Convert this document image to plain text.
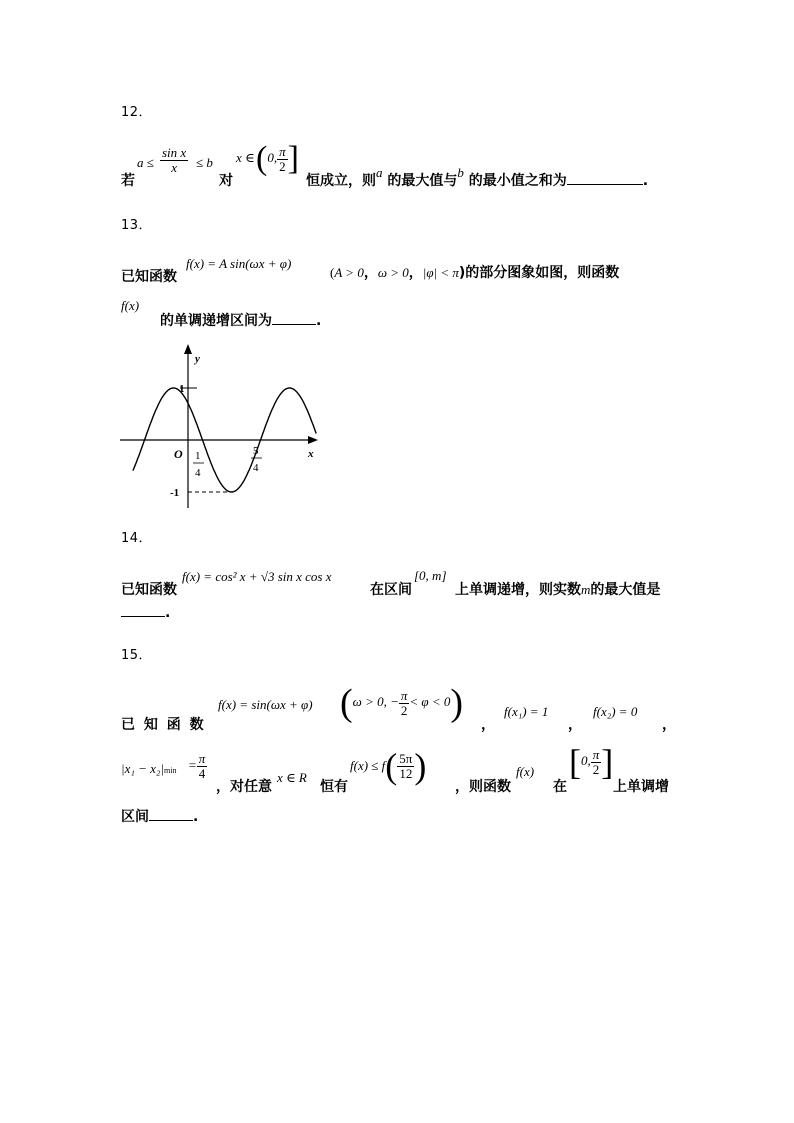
12．
若
$a \le \frac{\text{sin x}}{x} \le b$
对
x ∈ (0, $\frac{\pi}{2}$ ]
恒成立，则a 的最大值与b 的最小值之和为	.
13．
已知函数
f(x) = A sin(ωx + φ)
(A > 0，ω > 0，|φ| < π)的部分图象如图，则函数
f(x)
的单调递增区间为	.
y
x
O
1
-1
1
4
5
4
14．
已知函数
f(x) = cos² x + √3 sin x cos x
在区间
[0, m]
上单调递增，则实数m的最大值是
.
15．
已 知 函 数
f(x) = sin(ωx + φ) (ω > 0, − $\frac{\pi}{2} < \varphi < 0$)
，
f(x₁) = 1
，
f(x₂) = 0
，
$|x_1 - x_2|\min = \frac{\pi}{4}$
，对任意
x ∈ R
恒有
$f(x) \le f( \frac{5\pi}{12}$ )
，则函数
f(x)
在
[0, $\frac{\pi}{2}$ ]
上单调增
区间	.
